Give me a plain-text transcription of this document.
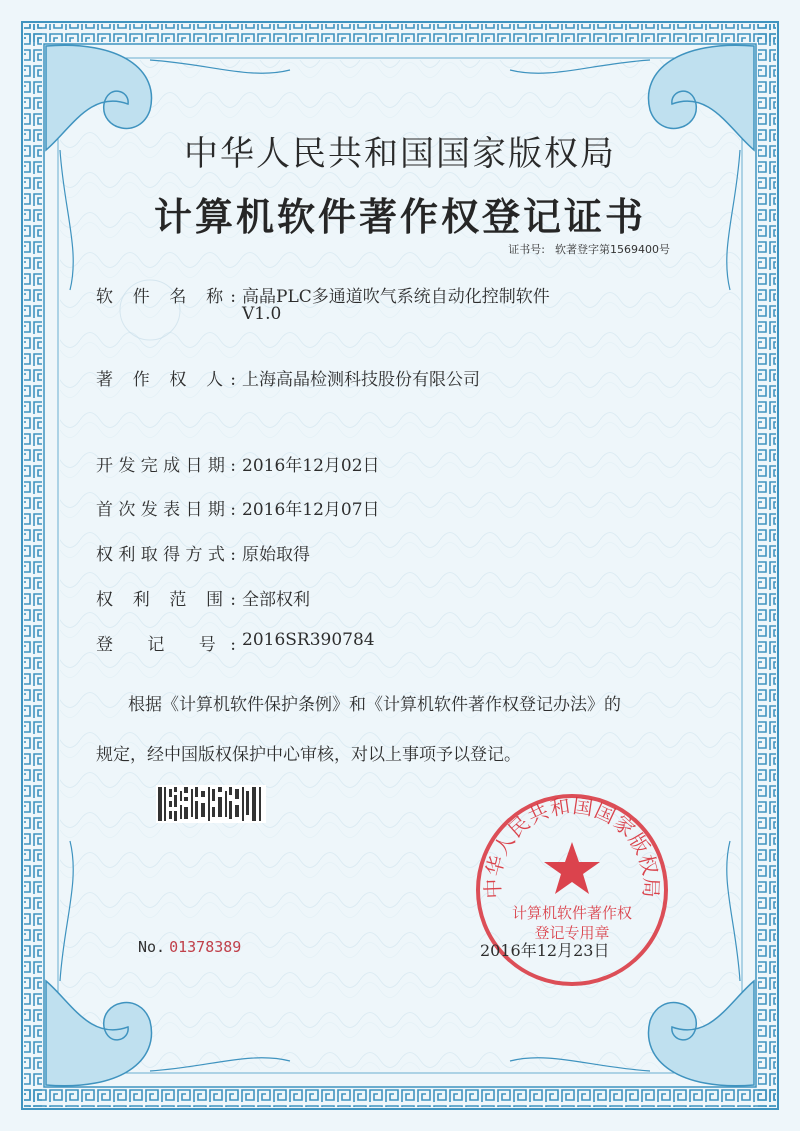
中华人民共和国国家版权局
计算机软件著作权登记证书
证书号: 软著登字第1569400号
软 件 名 称: 高晶PLC多通道吹气系统自动化控制软件
V1.0
著 作 权 人: 上海高晶检测科技股份有限公司
开发完成日期: 2016年12月02日
首次发表日期: 2016年12月07日
权利取得方式: 原始取得
权 利 范 围: 全部权利
登 记 号: 2016SR390784
根据《计算机软件保护条例》和《计算机软件著作权登记办法》的
规定，经中国版权保护中心审核，对以上事项予以登记。
中华人民共和国国家版权局
计算机软件著作权
登记专用章
No. 01378389	2016年12月23日
